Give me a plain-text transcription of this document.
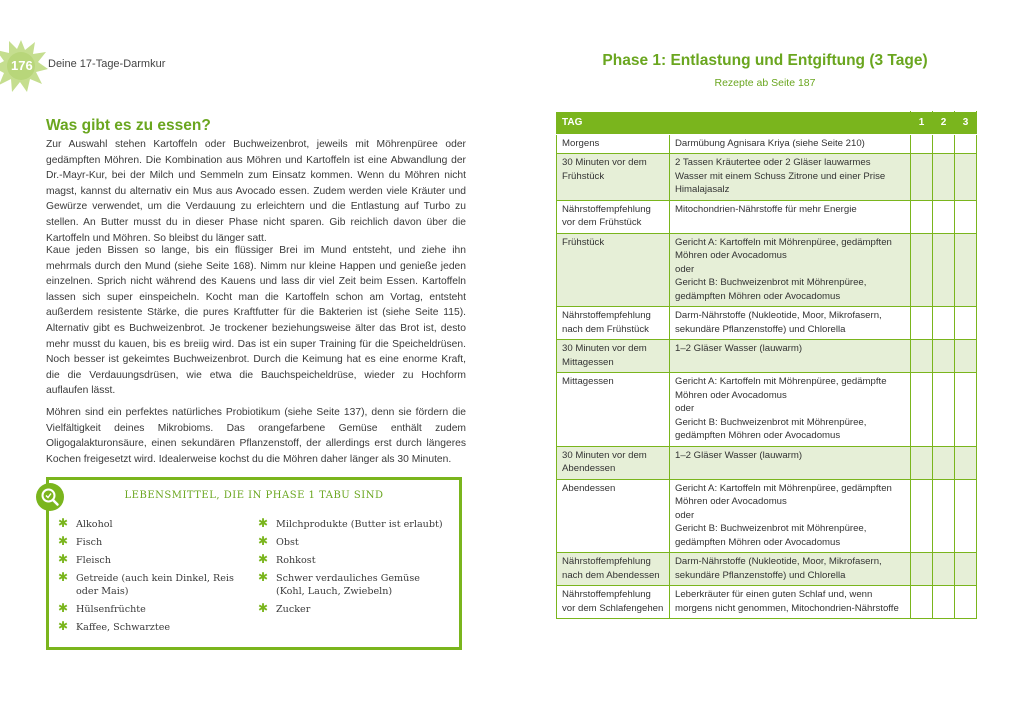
176 Deine 17-Tage-Darmkur
Was gibt es zu essen?
Zur Auswahl stehen Kartoffeln oder Buchweizenbrot, jeweils mit Möhrenpüree oder gedämpften Möhren. Die Kombination aus Möhren und Kartoffeln ist eine Abwandlung der Dr.-Mayr-Kur, bei der Milch und Semmeln zum Einsatz kommen. Wenn du Möhren nicht magst, kannst du alternativ ein Mus aus Avocado essen. Zudem werden viele Kräuter und Gewürze verwendet, um die Verdauung zu erleichtern und die Entlastung auf Turbo zu stellen. An Butter musst du in dieser Phase nicht sparen. Gib reichlich davon über die Kartoffeln und Möhren. So bleibst du länger satt.
Kaue jeden Bissen so lange, bis ein flüssiger Brei im Mund entsteht, und ziehe ihn mehrmals durch den Mund (siehe Seite 168). Nimm nur kleine Happen und genieße jeden einzelnen. Sprich nicht während des Kauens und lass dir viel Zeit beim Essen. Kartoffeln lassen sich super einspeicheln. Kocht man die Kartoffeln schon am Vortag, entsteht außerdem resistente Stärke, die pures Kraftfutter für die Bakterien ist (siehe Seite 115). Alternativ gibt es Buchweizenbrot. Je trockener beziehungsweise älter das Brot ist, desto mehr musst du kauen, bis es breiig wird. Das ist ein super Training für die Speicheldrüsen. Noch besser ist gekeimtes Buchweizenbrot. Durch die Keimung hat es eine enorme Kraft, die die Verdauungsdrüsen, wie etwa die Bauchspeicheldrüse, wieder zu Hochform auflaufen lässt.
Möhren sind ein perfektes natürliches Probiotikum (siehe Seite 137), denn sie fördern die Vielfältigkeit deines Mikrobioms. Das orangefarbene Gemüse enthält zudem Oligogalakturonsäure, einen sekundären Pflanzenstoff, der allerdings erst durch längeres Kochen freigesetzt wird. Idealerweise kochst du die Möhren daher länger als 30 Minuten.
LEBENSMITTEL, DIE IN PHASE 1 TABU SIND
✱ Alkohol
✱ Fisch
✱ Fleisch
✱ Getreide (auch kein Dinkel, Reis oder Mais)
✱ Hülsenfrüchte
✱ Kaffee, Schwarztee
✱ Milchprodukte (Butter ist erlaubt)
✱ Obst
✱ Rohkost
✱ Schwer verdauliches Gemüse (Kohl, Lauch, Zwiebeln)
✱ Zucker
Phase 1: Entlastung und Entgiftung (3 Tage)
Rezepte ab Seite 187
TAG		1	2	3
Morgens	Darmübung Agnisara Kriya (siehe Seite 210)			
30 Minuten vor dem Frühstück	2 Tassen Kräutertee oder 2 Gläser lauwarmes Wasser mit einem Schuss Zitrone und einer Prise Himalajasalz			
Nährstoffempfehlung vor dem Frühstück	Mitochondrien-Nährstoffe für mehr Energie			
Frühstück	Gericht A: Kartoffeln mit Möhrenpüree, gedämpften Möhren oder Avocadomus
oder
Gericht B: Buchweizenbrot mit Möhrenpüree, gedämpften Möhren oder Avocadomus			
Nährstoffempfehlung nach dem Frühstück	Darm-Nährstoffe (Nukleotide, Moor, Mikrofasern, sekundäre Pflanzenstoffe) und Chlorella			
30 Minuten vor dem Mittagessen	1–2 Gläser Wasser (lauwarm)			
Mittagessen	Gericht A: Kartoffeln mit Möhrenpüree, gedämpfte Möhren oder Avocadomus
oder
Gericht B: Buchweizenbrot mit Möhrenpüree, gedämpften Möhren oder Avocadomus			
30 Minuten vor dem Abendessen	1–2 Gläser Wasser (lauwarm)			
Abendessen	Gericht A: Kartoffeln mit Möhrenpüree, gedämpften Möhren oder Avocadomus
oder
Gericht B: Buchweizenbrot mit Möhrenpüree, gedämpften Möhren oder Avocadomus			
Nährstoffempfehlung nach dem Abendessen	Darm-Nährstoffe (Nukleotide, Moor, Mikrofasern, sekundäre Pflanzenstoffe) und Chlorella			
Nährstoffempfehlung vor dem Schlafengehen	Leberkräuter für einen guten Schlaf und, wenn morgens nicht genommen, Mitochondrien-Nährstoffe			
